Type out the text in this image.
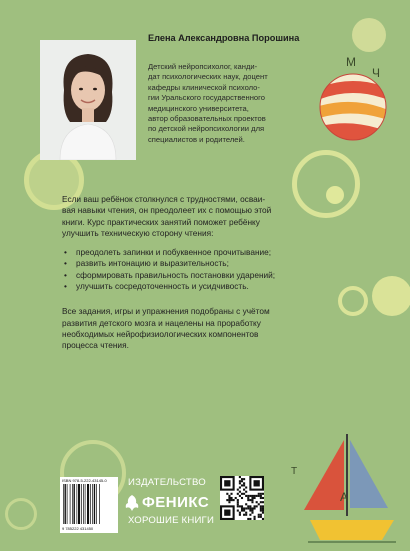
М
Ч
Т
А
Елена Александровна Порошина
Детский нейропсихолог, канди-
дат психологических наук, доцент
кафедры клинической психоло-
гии Уральского государственного
медицинского университета,
автор образовательных проектов
по детской нейропсихологии для
специалистов и родителей.

Если ваш ребёнок столкнулся с трудностями, осваи-
вая навыки чтения, он преодолеет их с помощью этой
книги. Курс практических занятий поможет ребёнку
улучшить техническую сторону чтения:

• преодолеть запинки и побуквенное прочитывание;
• развить интонацию и выразительность;
• сформировать правильность постановки ударений;
• улучшить сосредоточенность и усидчивость.

Все задания, игры и упражнения подобраны с учётом
развития детского мозга и нацелены на проработку
необходимых нейрофизиологических компонентов
процесса чтения.

ISBN 978-5-222-43145-0
9 785222 431450
ИЗДАТЕЛЬСТВО
ФЕНИКС
ХОРОШИЕ КНИГИ
